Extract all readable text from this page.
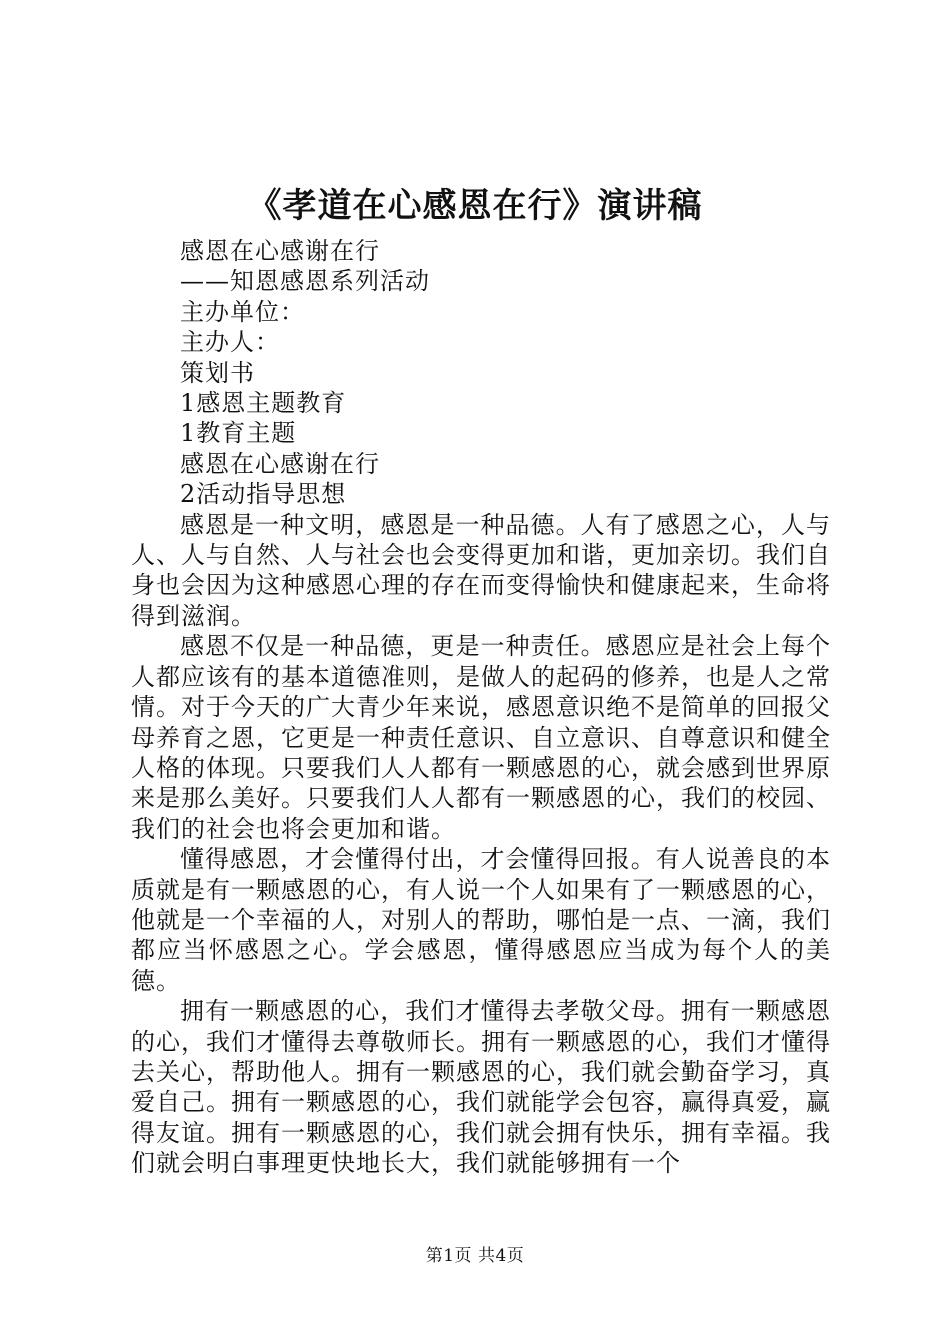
《孝道在心感恩在行》演讲稿

感恩在心感谢在行

——知恩感恩系列活动

主办单位：

主办人：

策划书

1感恩主题教育

1教育主题

感恩在心感谢在行

2活动指导思想

感恩是一种文明，感恩是一种品德。人有了感恩之心，人与人、人与自然、人与社会也会变得更加和谐，更加亲切。我们自身也会因为这种感恩心理的存在而变得愉快和健康起来，生命将得到滋润。

感恩不仅是一种品德，更是一种责任。感恩应是社会上每个人都应该有的基本道德准则，是做人的起码的修养，也是人之常情。对于今天的广大青少年来说，感恩意识绝不是简单的回报父母养育之恩，它更是一种责任意识、自立意识、自尊意识和健全人格的体现。只要我们人人都有一颗感恩的心，就会感到世界原来是那么美好。只要我们人人都有一颗感恩的心，我们的校园、我们的社会也将会更加和谐。

懂得感恩，才会懂得付出，才会懂得回报。有人说善良的本质就是有一颗感恩的心，有人说一个人如果有了一颗感恩的心，他就是一个幸福的人，对别人的帮助，哪怕是一点、一滴，我们都应当怀感恩之心。学会感恩，懂得感恩应当成为每个人的美德。

拥有一颗感恩的心，我们才懂得去孝敬父母。拥有一颗感恩的心，我们才懂得去尊敬师长。拥有一颗感恩的心，我们才懂得去关心，帮助他人。拥有一颗感恩的心，我们就会勤奋学习，真爱自己。拥有一颗感恩的心，我们就能学会包容，赢得真爱，赢得友谊。拥有一颗感恩的心，我们就会拥有快乐，拥有幸福。我们就会明白事理更快地长大，我们就能够拥有一个

第1页 共4页
